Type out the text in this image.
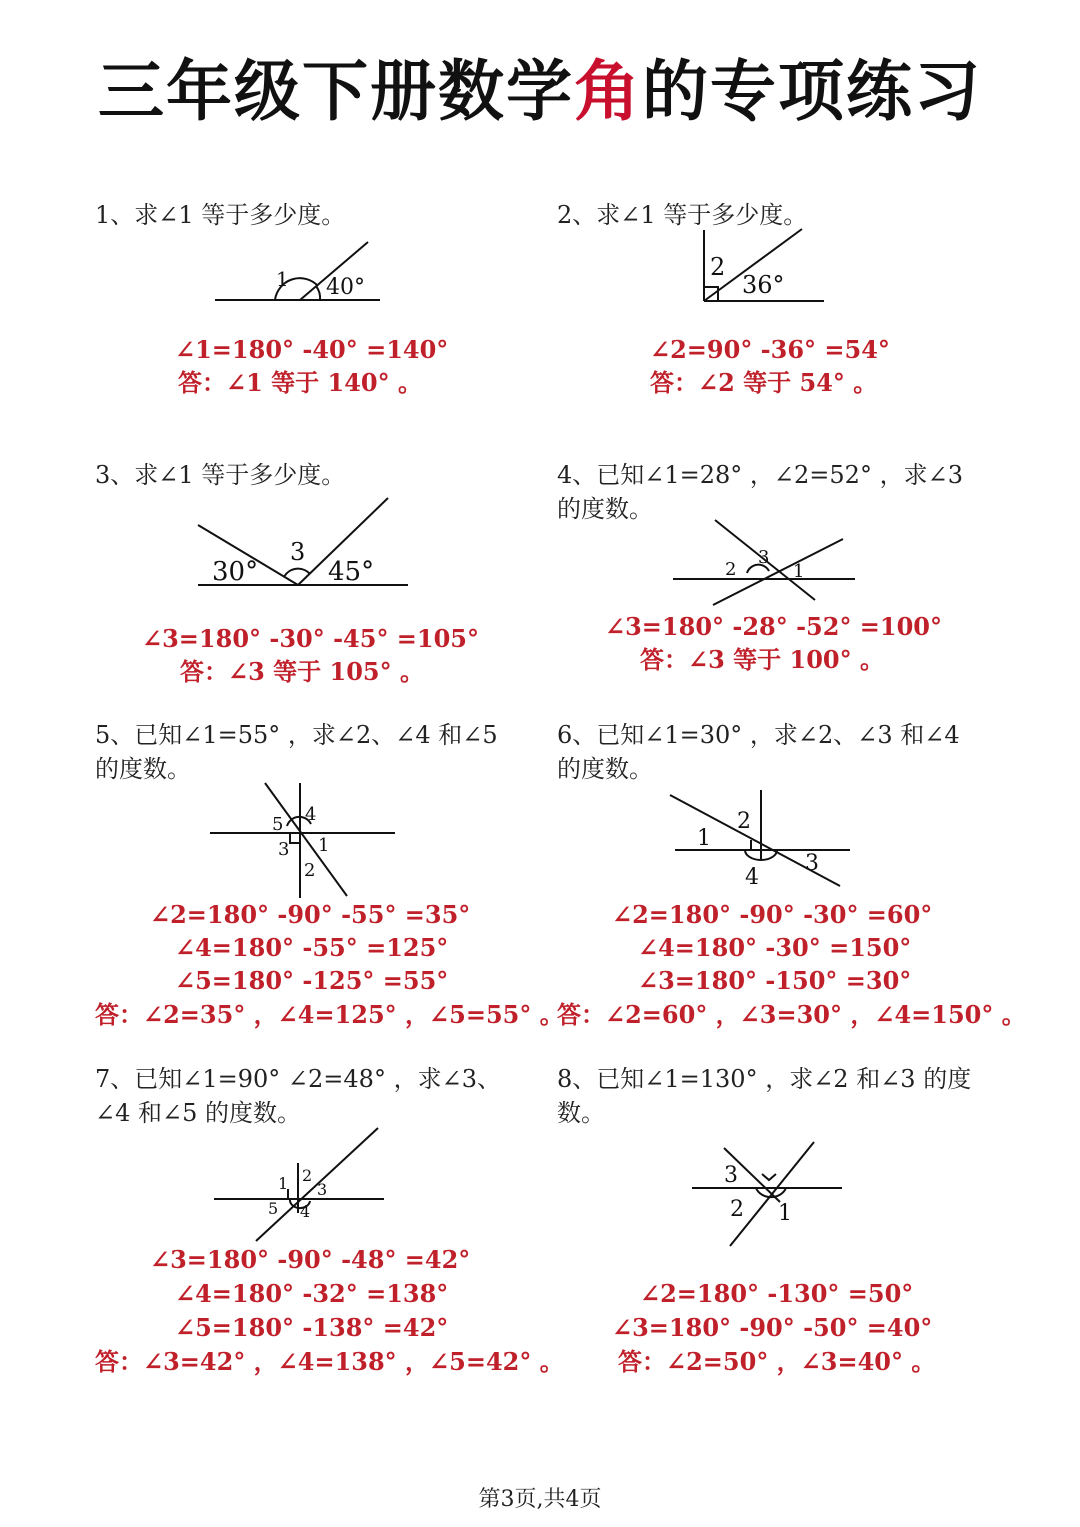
三年级下册数学角的专项练习
1、求∠1 等于多少度。
1 40°
∠1=180° -40° =140°
答：∠1 等于 140° 。
2、求∠1 等于多少度。
2
36°
∠2=90° -36° =54°
答：∠2 等于 54° 。
3、求∠1 等于多少度。
30°
3
45°
∠3=180° -30° -45° =105°
答：∠3 等于 105° 。
4、已知∠1=28° ，∠2=52° ，求∠3 的度数。
2
3
1
∠3=180° -28° -52° =100°
答：∠3 等于 100° 。
5、已知∠1=55° ，求∠2、∠4 和∠5 的度数。
5 4
3 1
2
∠2=180° -90° -55° =35°
∠4=180° -55° =125°
∠5=180° -125° =55°
答：∠2=35° ，∠4=125° ，∠5=55° 。
6、已知∠1=30° ，求∠2、∠3 和∠4 的度数。
1
2
3
4
∠2=180° -90° -30° =60°
∠4=180° -30° =150°
∠3=180° -150° =30°
答：∠2=60° ，∠3=30° ，∠4=150° 。
7、已知∠1=90° ∠2=48° ，求∠3、∠4 和∠5 的度数。
1 2
3
5 4
∠3=180° -90° -48° =42°
∠4=180° -32° =138°
∠5=180° -138° =42°
答：∠3=42° ，∠4=138° ，∠5=42° 。
8、已知∠1=130° ，求∠2 和∠3 的度数。
3
2 1
∠2=180° -130° =50°
∠3=180° -90° -50° =40°
答：∠2=50° ，∠3=40° 。
第3页,共4页
